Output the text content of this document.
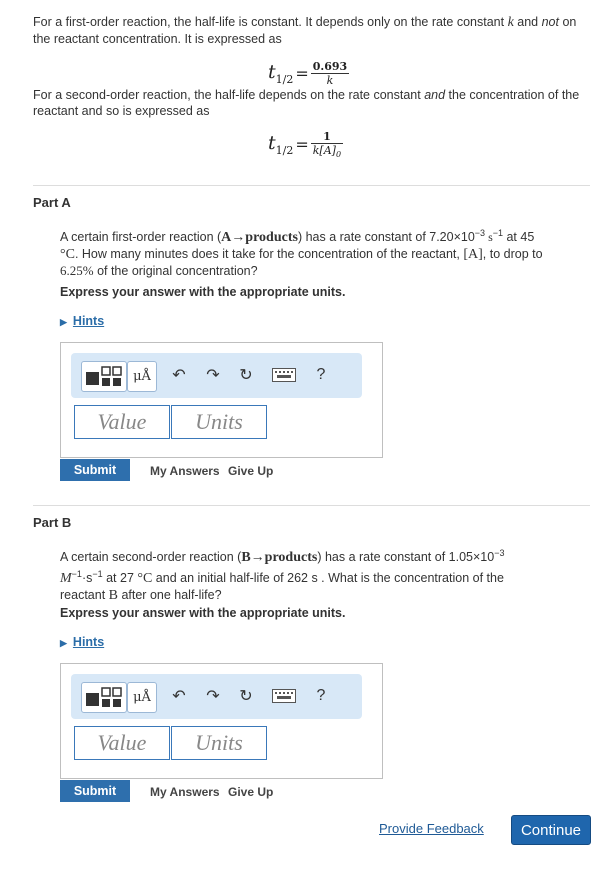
For a first-order reaction, the half-life is constant. It depends only on the rate constant k and not on the reactant concentration. It is expressed as
$t_{1/2} = \frac{0.693}{k}$
For a second-order reaction, the half-life depends on the rate constant and the concentration of the reactant and so is expressed as
$t_{1/2} = \frac{1}{k[A]_0}$
Part A
A certain first-order reaction (A→products) has a rate constant of $7.20\times 10^{-3}$ $s^{-1}$ at 45
°C. How many minutes does it take for the concentration of the reactant, [A], to drop to
6.25% of the original concentration?
Express your answer with the appropriate units.
▶ Hints
μÅ	↶ ↷ ↻	?
Value	Units
Submit	My Answers Give Up
Part B
A certain second-order reaction (B→products) has a rate constant of $1.05\times 10^{-3}$
$M^{-1}\cdot s^{-1}$ at 27 °C and an initial half-life of 262 s . What is the concentration of the
reactant B after one half-life?
Express your answer with the appropriate units.
▶ Hints
μÅ	↶ ↷ ↻	?
Value	Units
Submit	My Answers Give Up
Provide Feedback	Continue
